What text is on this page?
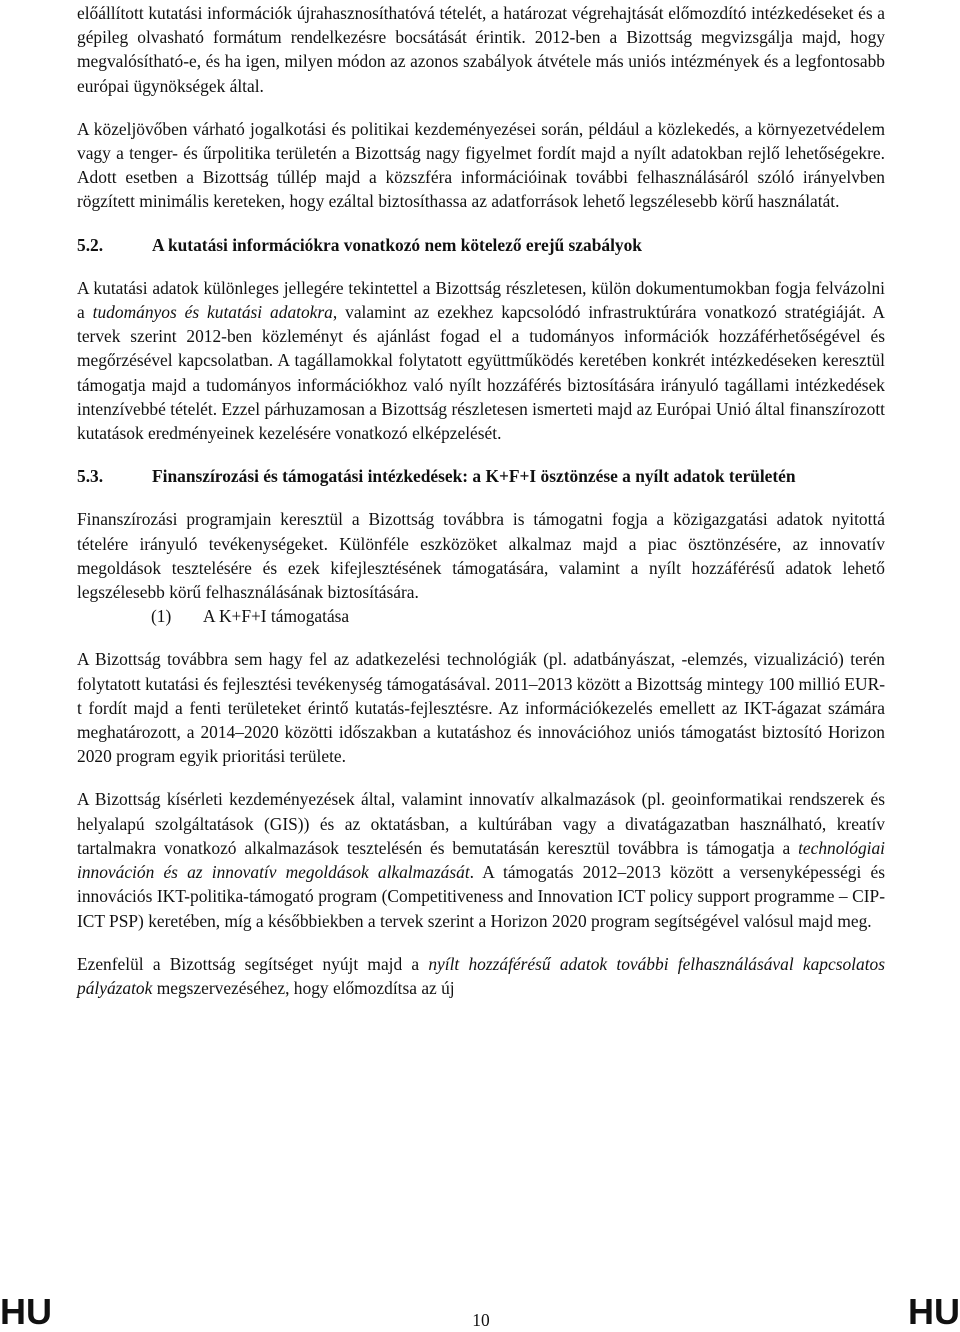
előállított kutatási információk újrahasznosíthatóvá tételét, a határozat végrehajtását előmozdító intézkedéseket és a gépileg olvasható formátum rendelkezésre bocsátását érintik. 2012-ben a Bizottság megvizsgálja majd, hogy megvalósítható-e, és ha igen, milyen módon az azonos szabályok átvétele más uniós intézmények és a legfontosabb európai ügynökségek által.

A közeljövőben várható jogalkotási és politikai kezdeményezései során, például a közlekedés, a környezetvédelem vagy a tenger- és űrpolitika területén a Bizottság nagy figyelmet fordít majd a nyílt adatokban rejlő lehetőségekre. Adott esetben a Bizottság túllép majd a közszféra információinak további felhasználásáról szóló irányelvben rögzített minimális kereteken, hogy ezáltal biztosíthassa az adatforrások lehető legszélesebb körű használatát.

5.2.	A kutatási információkra vonatkozó nem kötelező erejű szabályok

A kutatási adatok különleges jellegére tekintettel a Bizottság részletesen, külön dokumentumokban fogja felvázolni a tudományos és kutatási adatokra, valamint az ezekhez kapcsolódó infrastruktúrára vonatkozó stratégiáját. A tervek szerint 2012-ben közleményt és ajánlást fogad el a tudományos információk hozzáférhetőségével és megőrzésével kapcsolatban. A tagállamokkal folytatott együttműködés keretében konkrét intézkedéseken keresztül támogatja majd a tudományos információkhoz való nyílt hozzáférés biztosítására irányuló tagállami intézkedések intenzívebbé tételét. Ezzel párhuzamosan a Bizottság részletesen ismerteti majd az Európai Unió által finanszírozott kutatások eredményeinek kezelésére vonatkozó elképzelését.

5.3.	Finanszírozási és támogatási intézkedések: a K+F+I ösztönzése a nyílt adatok területén

Finanszírozási programjain keresztül a Bizottság továbbra is támogatni fogja a közigazgatási adatok nyitottá tételére irányuló tevékenységeket. Különféle eszközöket alkalmaz majd a piac ösztönzésére, az innovatív megoldások tesztelésére és ezek kifejlesztésének támogatására, valamint a nyílt hozzáférésű adatok lehető legszélesebb körű felhasználásának biztosítására.

(1)	A K+F+I támogatása

A Bizottság továbbra sem hagy fel az adatkezelési technológiák (pl. adatbányászat, -elemzés, vizualizáció) terén folytatott kutatási és fejlesztési tevékenység támogatásával. 2011–2013 között a Bizottság mintegy 100 millió EUR-t fordít majd a fenti területeket érintő kutatás-fejlesztésre. Az információkezelés emellett az IKT-ágazat számára meghatározott, a 2014–2020 közötti időszakban a kutatáshoz és innovációhoz uniós támogatást biztosító Horizon 2020 program egyik prioritási területe.

A Bizottság kísérleti kezdeményezések által, valamint innovatív alkalmazások (pl. geoinformatikai rendszerek és helyalapú szolgáltatások (GIS)) és az oktatásban, a kultúrában vagy a divatágazatban használható, kreatív tartalmakra vonatkozó alkalmazások tesztelésén és bemutatásán keresztül továbbra is támogatja a technológiai innováción és az innovatív megoldások alkalmazását. A támogatás 2012–2013 között a versenyképességi és innovációs IKT-politika-támogató program (Competitiveness and Innovation ICT policy support programme – CIP-ICT PSP) keretében, míg a későbbiekben a tervek szerint a Horizon 2020 program segítségével valósul majd meg.

Ezenfelül a Bizottság segítséget nyújt majd a nyílt hozzáférésű adatok további felhasználásával kapcsolatos pályázatok megszervezéséhez, hogy előmozdítsa az új

HU	10	HU
